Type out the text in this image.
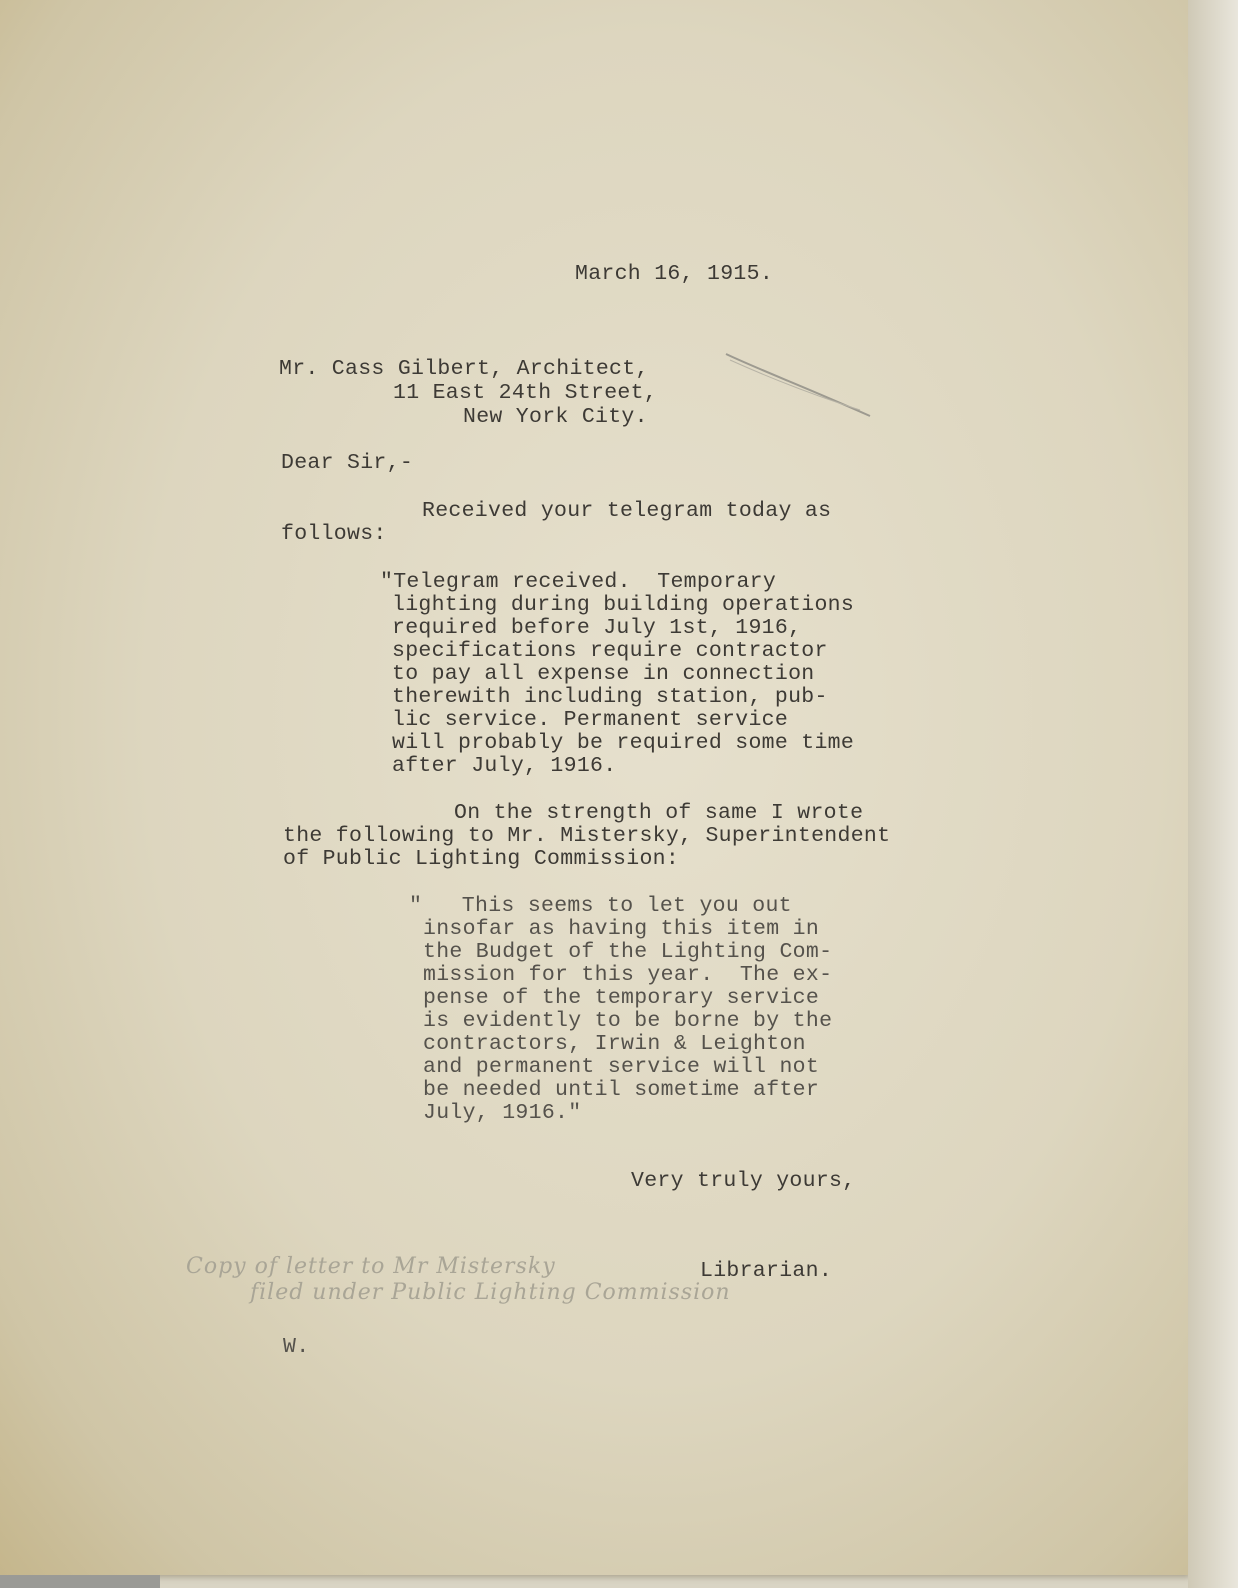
March 16, 1915.
Mr. Cass Gilbert, Architect,
11 East 24th Street,
New York City.
Dear Sir,-
Received your telegram today as
follows:
"Telegram received.  Temporary
lighting during building operations
required before July 1st, 1916,
specifications require contractor
to pay all expense in connection
therewith including station, pub-
lic service. Permanent service
will probably be required some time
after July, 1916.
On the strength of same I wrote
the following to Mr. Mistersky, Superintendent
of Public Lighting Commission:
"   This seems to let you out
insofar as having this item in
the Budget of the Lighting Com-
mission for this year.  The ex-
pense of the temporary service
is evidently to be borne by the
contractors, Irwin & Leighton
and permanent service will not
be needed until sometime after
July, 1916."
Very truly yours,
Librarian.
Copy of letter to Mr Mistersky
filed under Public Lighting Commission
W.
